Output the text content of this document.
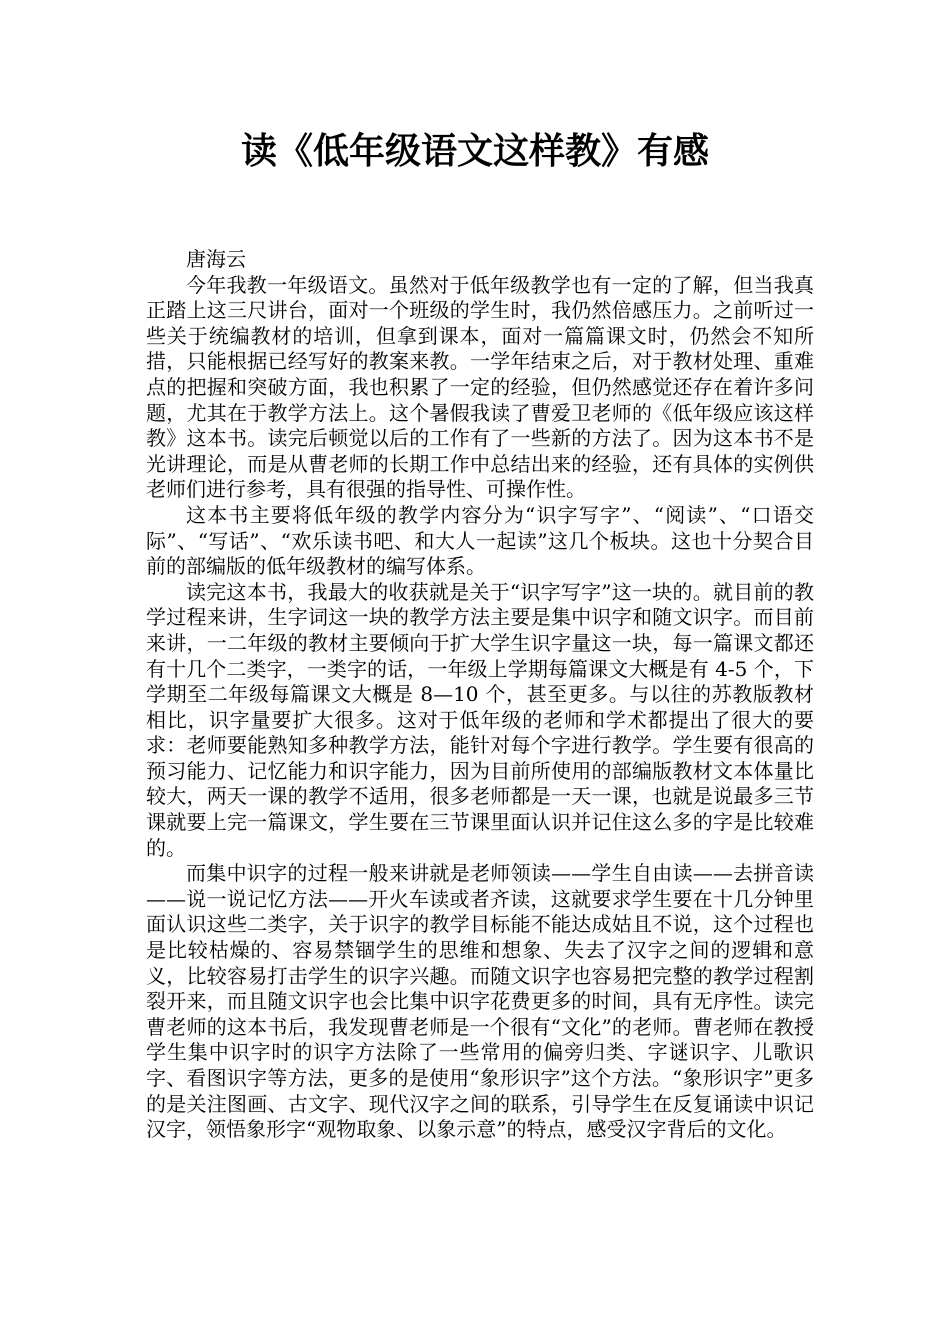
读《低年级语文这样教》有感

唐海云

今年我教一年级语文。虽然对于低年级教学也有一定的了解，但当我真正踏上这三尺讲台，面对一个班级的学生时，我仍然倍感压力。之前听过一些关于统编教材的培训，但拿到课本，面对一篇篇课文时，仍然会不知所措，只能根据已经写好的教案来教。一学年结束之后，对于教材处理、重难点的把握和突破方面，我也积累了一定的经验，但仍然感觉还存在着许多问题，尤其在于教学方法上。这个暑假我读了曹爱卫老师的《低年级应该这样教》这本书。读完后顿觉以后的工作有了一些新的方法了。因为这本书不是光讲理论，而是从曹老师的长期工作中总结出来的经验，还有具体的实例供老师们进行参考，具有很强的指导性、可操作性。

这本书主要将低年级的教学内容分为“识字写字”、“阅读”、“口语交际”、“写话”、“欢乐读书吧、和大人一起读”这几个板块。这也十分契合目前的部编版的低年级教材的编写体系。

读完这本书，我最大的收获就是关于“识字写字”这一块的。就目前的教学过程来讲，生字词这一块的教学方法主要是集中识字和随文识字。而目前来讲，一二年级的教材主要倾向于扩大学生识字量这一块，每一篇课文都还有十几个二类字，一类字的话，一年级上学期每篇课文大概是有 4-5 个，下学期至二年级每篇课文大概是 8—10 个，甚至更多。与以往的苏教版教材相比，识字量要扩大很多。这对于低年级的老师和学术都提出了很大的要求：老师要能熟知多种教学方法，能针对每个字进行教学。学生要有很高的预习能力、记忆能力和识字能力，因为目前所使用的部编版教材文本体量比较大，两天一课的教学不适用，很多老师都是一天一课，也就是说最多三节课就要上完一篇课文，学生要在三节课里面认识并记住这么多的字是比较难的。

而集中识字的过程一般来讲就是老师领读——学生自由读——去拼音读——说一说记忆方法——开火车读或者齐读，这就要求学生要在十几分钟里面认识这些二类字，关于识字的教学目标能不能达成姑且不说，这个过程也是比较枯燥的、容易禁锢学生的思维和想象、失去了汉字之间的逻辑和意义，比较容易打击学生的识字兴趣。而随文识字也容易把完整的教学过程割裂开来，而且随文识字也会比集中识字花费更多的时间，具有无序性。读完曹老师的这本书后，我发现曹老师是一个很有“文化”的老师。曹老师在教授学生集中识字时的识字方法除了一些常用的偏旁归类、字谜识字、儿歌识字、看图识字等方法，更多的是使用“象形识字”这个方法。“象形识字”更多的是关注图画、古文字、现代汉字之间的联系，引导学生在反复诵读中识记汉字，领悟象形字“观物取象、以象示意”的特点，感受汉字背后的文化。
